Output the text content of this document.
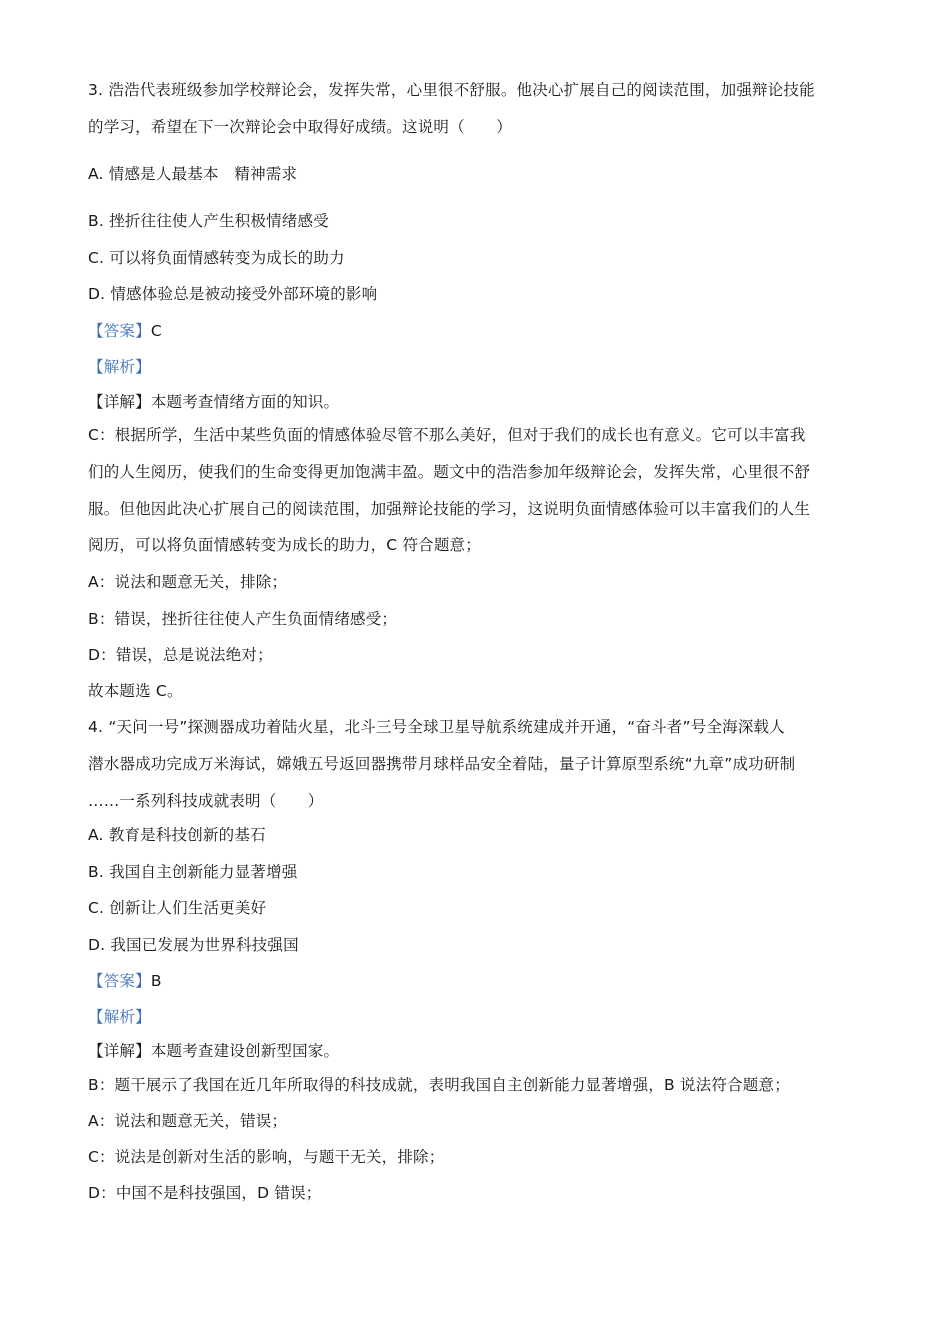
3. 浩浩代表班级参加学校辩论会，发挥失常，心里很不舒服。他决心扩展自己的阅读范围，加强辩论技能
的学习，希望在下一次辩论会中取得好成绩。这说明（　　）
A. 情感是人最基本　精神需求
B. 挫折往往使人产生积极情绪感受
C. 可以将负面情感转变为成长的助力
D. 情感体验总是被动接受外部环境的影响
【答案】C
【解析】
【详解】本题考查情绪方面的知识。
C：根据所学，生活中某些负面的情感体验尽管不那么美好，但对于我们的成长也有意义。它可以丰富我
们的人生阅历，使我们的生命变得更加饱满丰盈。题文中的浩浩参加年级辩论会，发挥失常，心里很不舒
服。但他因此决心扩展自己的阅读范围，加强辩论技能的学习，这说明负面情感体验可以丰富我们的人生
阅历，可以将负面情感转变为成长的助力，C 符合题意；
A：说法和题意无关，排除；
B：错误，挫折往往使人产生负面情绪感受；
D：错误，总是说法绝对；
故本题选 C。
4. “天问一号”探测器成功着陆火星，北斗三号全球卫星导航系统建成并开通，“奋斗者”号全海深载人
潜水器成功完成万米海试，嫦娥五号返回器携带月球样品安全着陆，量子计算原型系统“九章”成功研制
……一系列科技成就表明（　　）
A. 教育是科技创新的基石
B. 我国自主创新能力显著增强
C. 创新让人们生活更美好
D. 我国已发展为世界科技强国
【答案】B
【解析】
【详解】本题考查建设创新型国家。
B：题干展示了我国在近几年所取得的科技成就，表明我国自主创新能力显著增强，B 说法符合题意；
A：说法和题意无关，错误；
C：说法是创新对生活的影响，与题干无关，排除；
D：中国不是科技强国，D 错误；
